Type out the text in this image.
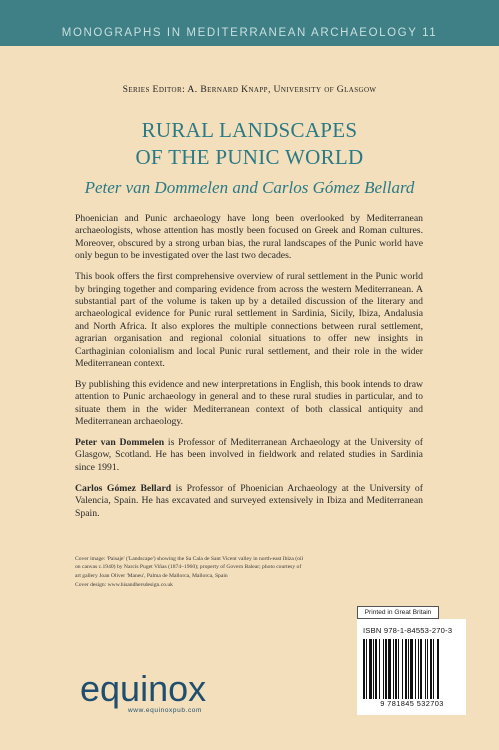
MONOGRAPHS IN MEDITERRANEAN ARCHAEOLOGY 11
Series Editor: A. Bernard Knapp, University of Glasgow
RURAL LANDSCAPES
OF THE PUNIC WORLD
Peter van Dommelen and Carlos Gómez Bellard

Phoenician and Punic archaeology have long been overlooked by Mediterranean archaeologists, whose attention has mostly been focused on Greek and Roman cultures. Moreover, obscured by a strong urban bias, the rural landscapes of the Punic world have only begun to be investigated over the last two decades.

This book offers the first comprehensive overview of rural settlement in the Punic world by bringing together and comparing evidence from across the western Mediterranean. A substantial part of the volume is taken up by a detailed discussion of the literary and archaeological evidence for Punic rural settlement in Sardinia, Sicily, Ibiza, Andalusia and North Africa. It also explores the multiple connections between rural settlement, agrarian organisation and regional colonial situations to offer new insights in Carthaginian colonialism and local Punic rural settlement, and their role in the wider Mediterranean context.

By publishing this evidence and new interpretations in English, this book intends to draw attention to Punic archaeology in general and to these rural studies in particular, and to situate them in the wider Mediterranean context of both classical antiquity and Mediterranean archaeology.

Peter van Dommelen is Professor of Mediterranean Archaeology at the University of Glasgow, Scotland. He has been involved in fieldwork and related studies in Sardinia since 1991.

Carlos Gómez Bellard is Professor of Phoenician Archaeology at the University of Valencia, Spain. He has excavated and surveyed extensively in Ibiza and Mediterranean Spain.

Cover image: 'Paisaje' ('Landscape') showing the Sa Cala de Sant Vicent valley in north-east Ibiza (oil on canvas c.1940) by Narcís Puget Viñas (1874–1960); property of Govern Balear; photo courtesy of art gallery Joan Oliver 'Maneu', Palma de Mallorca, Mallorca, Spain

Cover design: www.hisandhersdesign.co.uk

Printed in Great Britain
ISBN 978-1-84553-270-3
9 781845 532703
equinox
www.equinoxpub.com
